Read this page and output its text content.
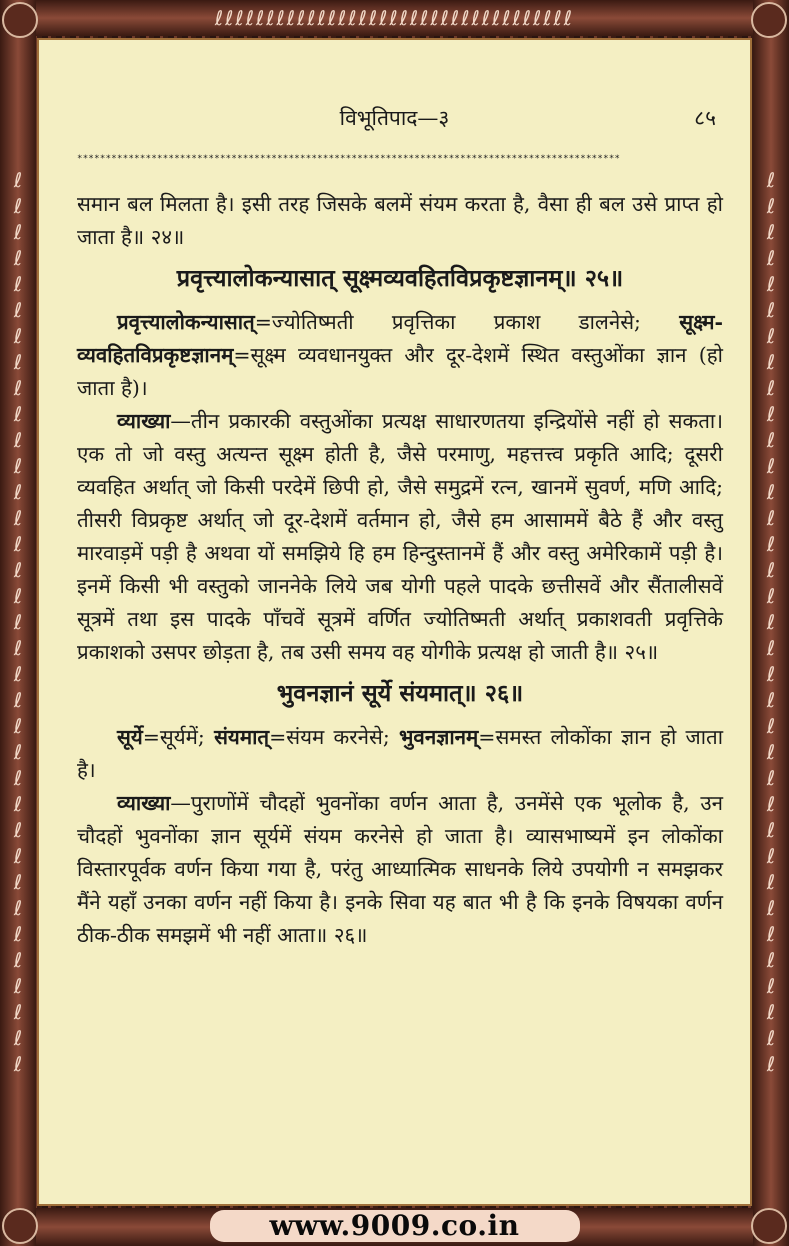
ℓℓℓℓℓℓℓℓℓℓℓℓℓℓℓℓℓℓℓℓℓℓℓℓℓℓℓℓℓℓℓℓℓℓℓ
ℓℓℓℓℓℓℓℓℓℓℓℓℓℓℓℓℓℓℓℓℓℓℓℓℓℓℓℓℓℓℓℓℓℓℓ	ℓℓℓℓℓℓℓℓℓℓℓℓℓℓℓℓℓℓℓℓℓℓℓℓℓℓℓℓℓℓℓℓℓℓℓ
विभूतिपाद—३	८५
***********************************************************************************************

समान बल मिलता है। इसी तरह जिसके बलमें संयम करता है, वैसा ही बल उसे प्राप्त हो जाता है॥ २४॥

प्रवृत्त्यालोकन्यासात् सूक्ष्मव्यवहितविप्रकृष्टज्ञानम्॥ २५॥

प्रवृत्त्यालोकन्यासात्=ज्योतिष्मती प्रवृत्तिका प्रकाश डालनेसे; सूक्ष्म-व्यवहितविप्रकृष्टज्ञानम्=सूक्ष्म व्यवधानयुक्त और दूर-देशमें स्थित वस्तुओंका ज्ञान (हो जाता है)।

व्याख्या—तीन प्रकारकी वस्तुओंका प्रत्यक्ष साधारणतया इन्द्रियोंसे नहीं हो सकता। एक तो जो वस्तु अत्यन्त सूक्ष्म होती है, जैसे परमाणु, महत्तत्त्व प्रकृति आदि; दूसरी व्यवहित अर्थात् जो किसी परदेमें छिपी हो, जैसे समुद्रमें रत्न, खानमें सुवर्ण, मणि आदि; तीसरी विप्रकृष्ट अर्थात् जो दूर-देशमें वर्तमान हो, जैसे हम आसाममें बैठे हैं और वस्तु मारवाड़में पड़ी है अथवा यों समझिये हि हम हिन्दुस्तानमें हैं और वस्तु अमेरिकामें पड़ी है। इनमें किसी भी वस्तुको जाननेके लिये जब योगी पहले पादके छत्तीसवें और सैंतालीसवें सूत्रमें तथा इस पादके पाँचवें सूत्रमें वर्णित ज्योतिष्मती अर्थात् प्रकाशवती प्रवृत्तिके प्रकाशको उसपर छोड़ता है, तब उसी समय वह योगीके प्रत्यक्ष हो जाती है॥ २५॥

भुवनज्ञानं सूर्ये संयमात्॥ २६॥

सूर्ये=सूर्यमें; संयमात्=संयम करनेसे; भुवनज्ञानम्=समस्त लोकोंका ज्ञान हो जाता है।

व्याख्या—पुराणोंमें चौदहों भुवनोंका वर्णन आता है, उनमेंसे एक भूलोक है, उन चौदहों भुवनोंका ज्ञान सूर्यमें संयम करनेसे हो जाता है। व्यासभाष्यमें इन लोकोंका विस्तारपूर्वक वर्णन किया गया है, परंतु आध्यात्मिक साधनके लिये उपयोगी न समझकर मैंने यहाँ उनका वर्णन नहीं किया है। इनके सिवा यह बात भी है कि इनके विषयका वर्णन ठीक-ठीक समझमें भी नहीं आता॥ २६॥

www.9009.co.in
